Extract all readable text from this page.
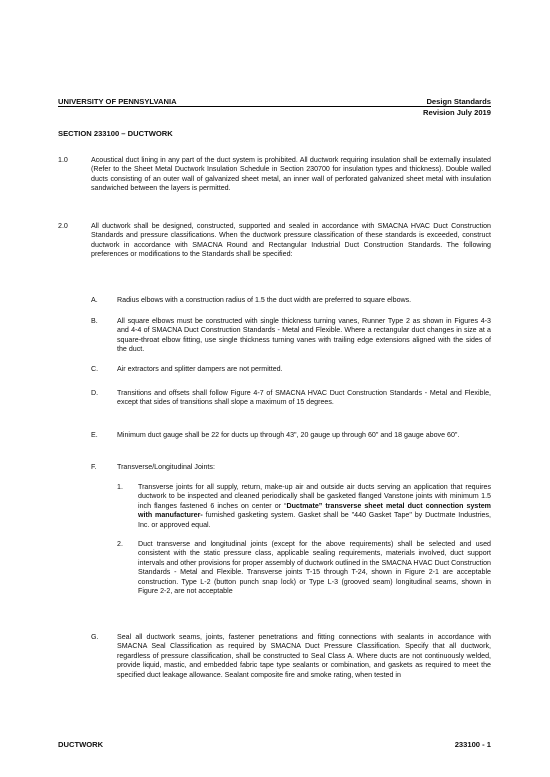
UNIVERSITY OF PENNSYLVANIA	Design Standards
Revision July 2019
SECTION 233100 – DUCTWORK
1.0	Acoustical duct lining in any part of the duct system is prohibited. All ductwork requiring insulation shall be externally insulated (Refer to the Sheet Metal Ductwork Insulation Schedule in Section 230700 for insulation types and thickness). Double walled ducts consisting of an outer wall of galvanized sheet metal, an inner wall of perforated galvanized sheet metal with insulation sandwiched between the layers is permitted.
2.0	All ductwork shall be designed, constructed, supported and sealed in accordance with SMACNA HVAC Duct Construction Standards and pressure classifications. When the ductwork pressure classification of these standards is exceeded, construct ductwork in accordance with SMACNA Round and Rectangular Industrial Duct Construction Standards. The following preferences or modifications to the Standards shall be specified:
A.	Radius elbows with a construction radius of 1.5 the duct width are preferred to square elbows.
B.	All square elbows must be constructed with single thickness turning vanes, Runner Type 2 as shown in Figures 4-3 and 4-4 of SMACNA Duct Construction Standards - Metal and Flexible. Where a rectangular duct changes in size at a square-throat elbow fitting, use single thickness turning vanes with trailing edge extensions aligned with the sides of the duct.
C.	Air extractors and splitter dampers are not permitted.
D.	Transitions and offsets shall follow Figure 4-7 of SMACNA HVAC Duct Construction Standards - Metal and Flexible, except that sides of transitions shall slope a maximum of 15 degrees.
E.	Minimum duct gauge shall be 22 for ducts up through 43", 20 gauge up through 60" and 18 gauge above 60".
F.	Transverse/Longitudinal Joints:
1. Transverse joints for all supply, return, make-up air and outside air ducts serving an application that requires ductwork to be inspected and cleaned periodically shall be gasketed flanged Vanstone joints with minimum 1.5 inch flanges fastened 6 inches on center or “Ductmate” transverse sheet metal duct connection system with manufacturer- furnished gasketing system. Gasket shall be "440 Gasket Tape" by Ductmate Industries, Inc. or approved equal.
2. Duct transverse and longitudinal joints (except for the above requirements) shall be selected and used consistent with the static pressure class, applicable sealing requirements, materials involved, duct support intervals and other provisions for proper assembly of ductwork outlined in the SMACNA HVAC Duct Construction Standards - Metal and Flexible. Transverse joints T-15 through T-24, shown in Figure 2-1 are acceptable construction. Type L-2 (button punch snap lock) or Type L-3 (grooved seam) longitudinal seams, shown in Figure 2-2, are not acceptable
G.	Seal all ductwork seams, joints, fastener penetrations and fitting connections with sealants in accordance with SMACNA Seal Classification as required by SMACNA Duct Pressure Classification. Specify that all ductwork, regardless of pressure classification, shall be constructed to Seal Class A. Where ducts are not continuously welded, provide liquid, mastic, and embedded fabric tape type sealants or combination, and gaskets as required to meet the specified duct leakage allowance. Sealant composite fire and smoke rating, when tested in
DUCTWORK	233100 - 1
